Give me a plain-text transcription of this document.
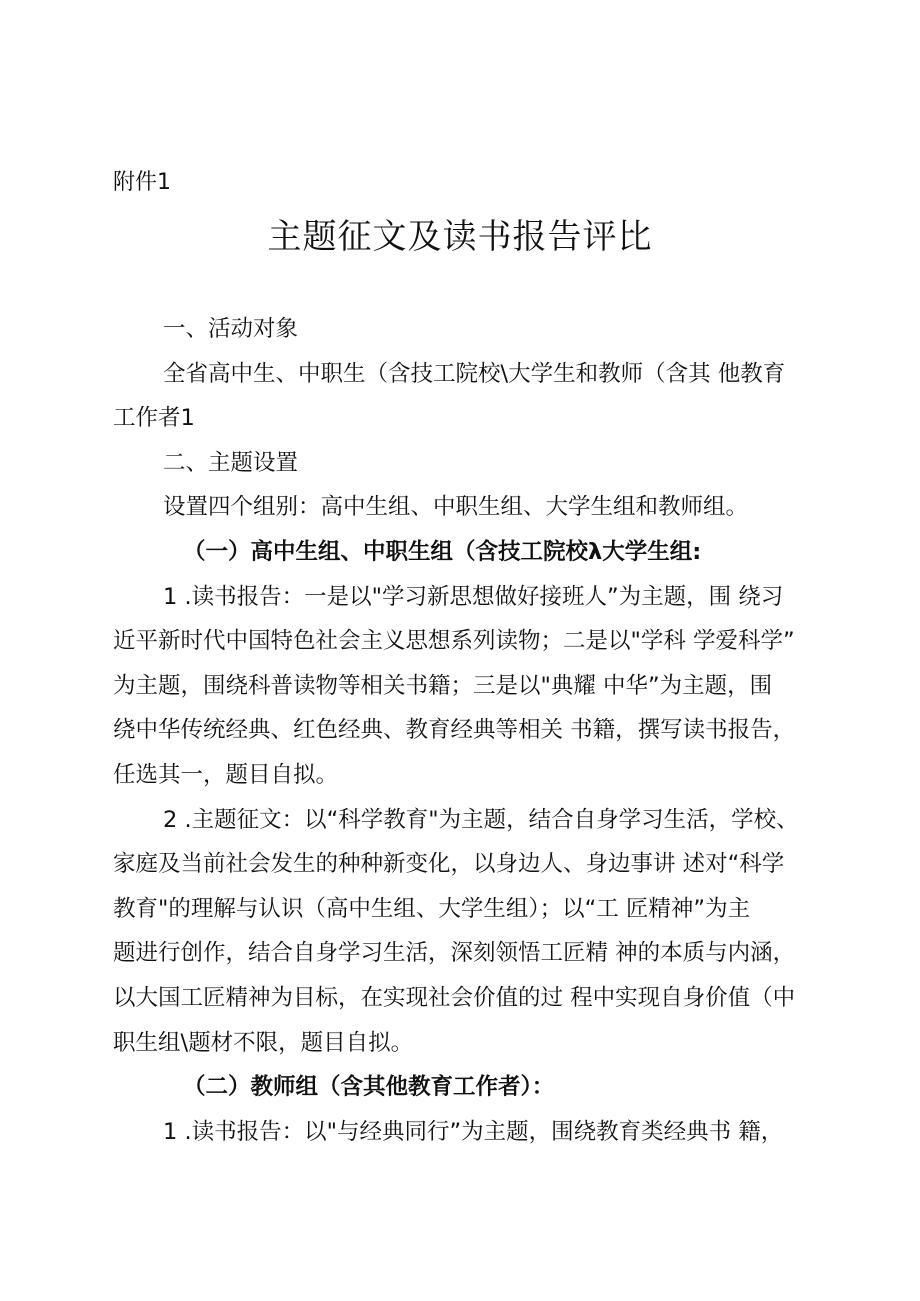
附件1
主题征文及读书报告评比
一、活动对象
全省高中生、中职生（含技工院校\大学生和教师（含其 他教育
工作者1
二、主题设置
设置四个组别：高中生组、中职生组、大学生组和教师组。
（一）高中生组、中职生组（含技工院校λ大学生组:
1 .读书报告：一是以"学习新思想做好接班人”为主题，围 绕习
近平新时代中国特色社会主义思想系列读物；二是以"学科 学爱科学”
为主题，围绕科普读物等相关书籍；三是以"典耀 中华”为主题，围
绕中华传统经典、红色经典、教育经典等相关 书籍，撰写读书报告，
任选其一，题目自拟。
2 .主题征文：以“科学教育"为主题，结合自身学习生活，学校、
家庭及当前社会发生的种种新变化，以身边人、身边事讲 述对“科学
教育"的理解与认识（高中生组、大学生组）；以“工 匠精神”为主
题进行创作，结合自身学习生活，深刻领悟工匠精 神的本质与内涵，
以大国工匠精神为目标，在实现社会价值的过 程中实现自身价值（中
职生组\题材不限，题目自拟。
（二）教师组（含其他教育工作者）：
1 .读书报告：以"与经典同行”为主题，围绕教育类经典书 籍，
